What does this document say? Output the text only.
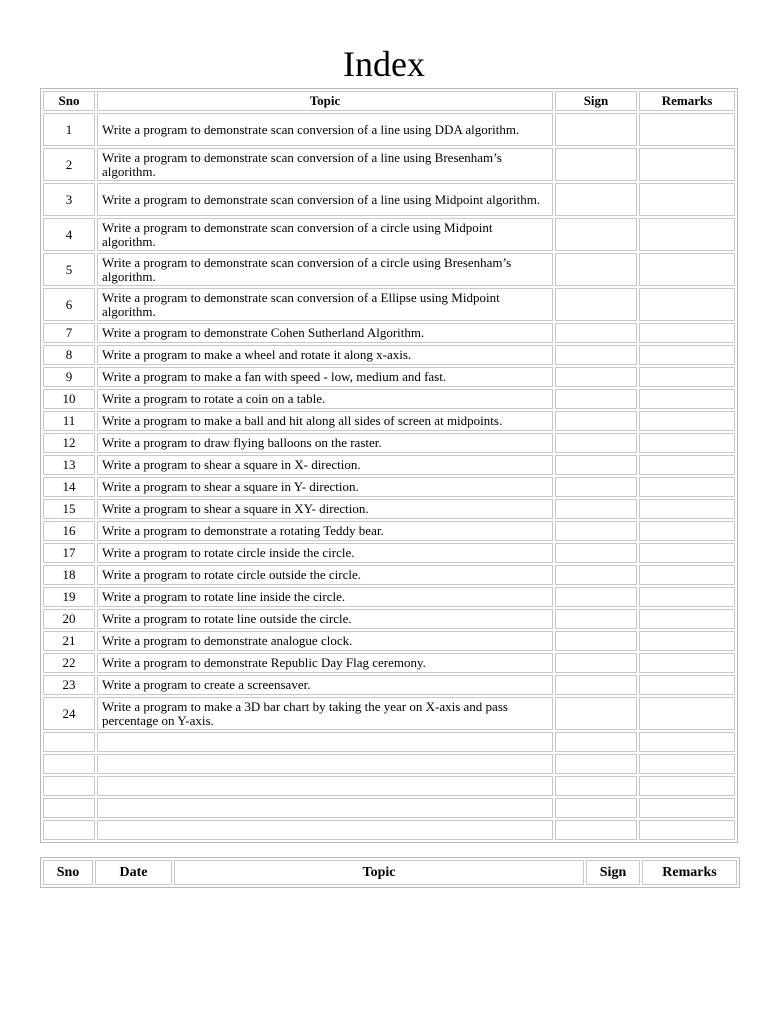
Index
Sno	Topic	Sign	Remarks
1	Write a program to demonstrate scan conversion of a line using DDA algorithm.		
2	Write a program to demonstrate scan conversion of a line using Bresenham’s algorithm.		
3	Write a program to demonstrate scan conversion of a line using Midpoint algorithm.		
4	Write a program to demonstrate scan conversion of a circle using Midpoint algorithm.		
5	Write a program to demonstrate scan conversion of a circle using Bresenham’s algorithm.		
6	Write a program to demonstrate scan conversion of a Ellipse using Midpoint algorithm.		
7	Write a program to demonstrate Cohen Sutherland Algorithm.		
8	Write a program to make a wheel and rotate it along x-axis.		
9	Write a program to make a fan with speed - low, medium and fast.		
10	Write a program to rotate a coin on a table.		
11	Write a program to make a ball and hit along all sides of screen at midpoints.		
12	Write a program to draw flying balloons on the raster.		
13	Write a program to shear a square in X- direction.		
14	Write a program to shear a square in Y- direction.		
15	Write a program to shear a square in XY- direction.		
16	Write a program to demonstrate a rotating Teddy bear.		
17	Write a program to rotate circle inside the circle.		
18	Write a program to rotate circle outside the circle.		
19	Write a program to rotate line inside the circle.		
20	Write a program to rotate line outside the circle.		
21	Write a program to demonstrate analogue clock.		
22	Write a program to demonstrate Republic Day Flag ceremony.		
23	Write a program to create a screensaver.		
24	Write a program to make a 3D bar chart by taking the year on X-axis and pass percentage on Y-axis.		

Sno	Date	Topic	Sign	Remarks
